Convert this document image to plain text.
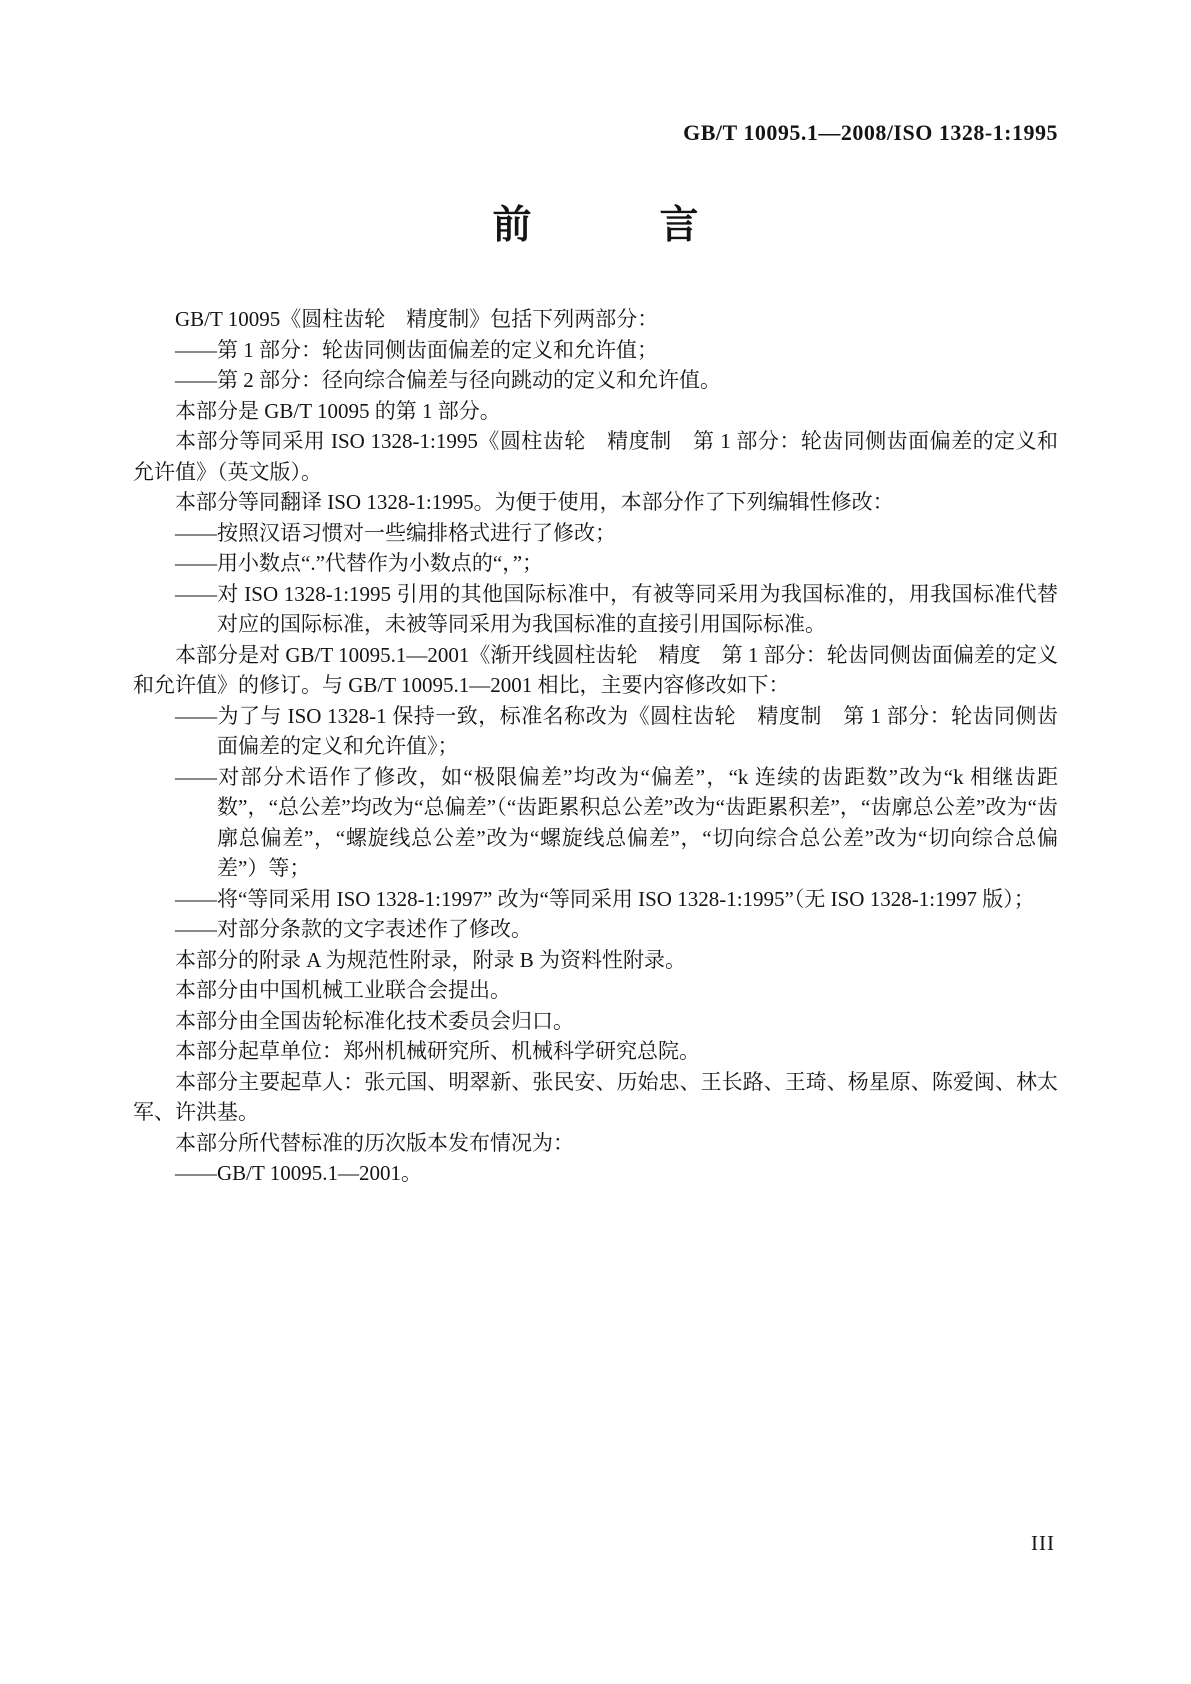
GB/T 10095.1—2008/ISO 1328-1:1995
前	言

GB/T 10095《圆柱齿轮　精度制》包括下列两部分：

——第 1 部分：轮齿同侧齿面偏差的定义和允许值；

——第 2 部分：径向综合偏差与径向跳动的定义和允许值。

本部分是 GB/T 10095 的第 1 部分。

本部分等同采用 ISO 1328-1:1995《圆柱齿轮　精度制　第 1 部分：轮齿同侧齿面偏差的定义和允许值》（英文版）。

本部分等同翻译 ISO 1328-1:1995。为便于使用，本部分作了下列编辑性修改：

——按照汉语习惯对一些编排格式进行了修改；

——用小数点“.”代替作为小数点的“，”；

——对 ISO 1328-1:1995 引用的其他国际标准中，有被等同采用为我国标准的，用我国标准代替对应的国际标准，未被等同采用为我国标准的直接引用国际标准。

本部分是对 GB/T 10095.1—2001《渐开线圆柱齿轮　精度　第 1 部分：轮齿同侧齿面偏差的定义和允许值》的修订。与 GB/T 10095.1—2001 相比，主要内容修改如下：

——为了与 ISO 1328-1 保持一致，标准名称改为《圆柱齿轮　精度制　第 1 部分：轮齿同侧齿面偏差的定义和允许值》；

——对部分术语作了修改，如“极限偏差”均改为“偏差”，“k 连续的齿距数”改为“k 相继齿距数”，“总公差”均改为“总偏差”（“齿距累积总公差”改为“齿距累积差”，“齿廓总公差”改为“齿廓总偏差”，“螺旋线总公差”改为“螺旋线总偏差”，“切向综合总公差”改为“切向综合总偏差”）等；

——将“等同采用 ISO 1328-1:1997” 改为“等同采用 ISO 1328-1:1995”（无 ISO 1328-1:1997 版）；

——对部分条款的文字表述作了修改。

本部分的附录 A 为规范性附录，附录 B 为资料性附录。

本部分由中国机械工业联合会提出。

本部分由全国齿轮标准化技术委员会归口。

本部分起草单位：郑州机械研究所、机械科学研究总院。

本部分主要起草人：张元国、明翠新、张民安、历始忠、王长路、王琦、杨星原、陈爱闽、林太军、许洪基。

本部分所代替标准的历次版本发布情况为：

——GB/T 10095.1—2001。

III
